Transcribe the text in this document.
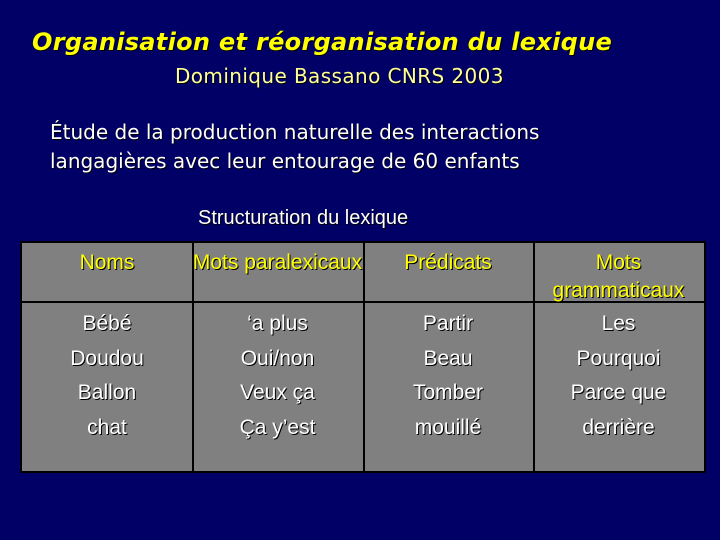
Organisation et réorganisation du lexique
Dominique Bassano CNRS 2003
Étude de la production naturelle des interactions
langagières avec leur entourage de 60 enfants
Structuration du lexique
Noms
Bébé
Doudou
Ballon
chat
Mots paralexicaux
‘a plus
Oui/non
Veux ça
Ça y’est
Prédicats
Partir
Beau
Tomber
mouillé
Mots grammaticaux
Les
Pourquoi
Parce que
derrière
